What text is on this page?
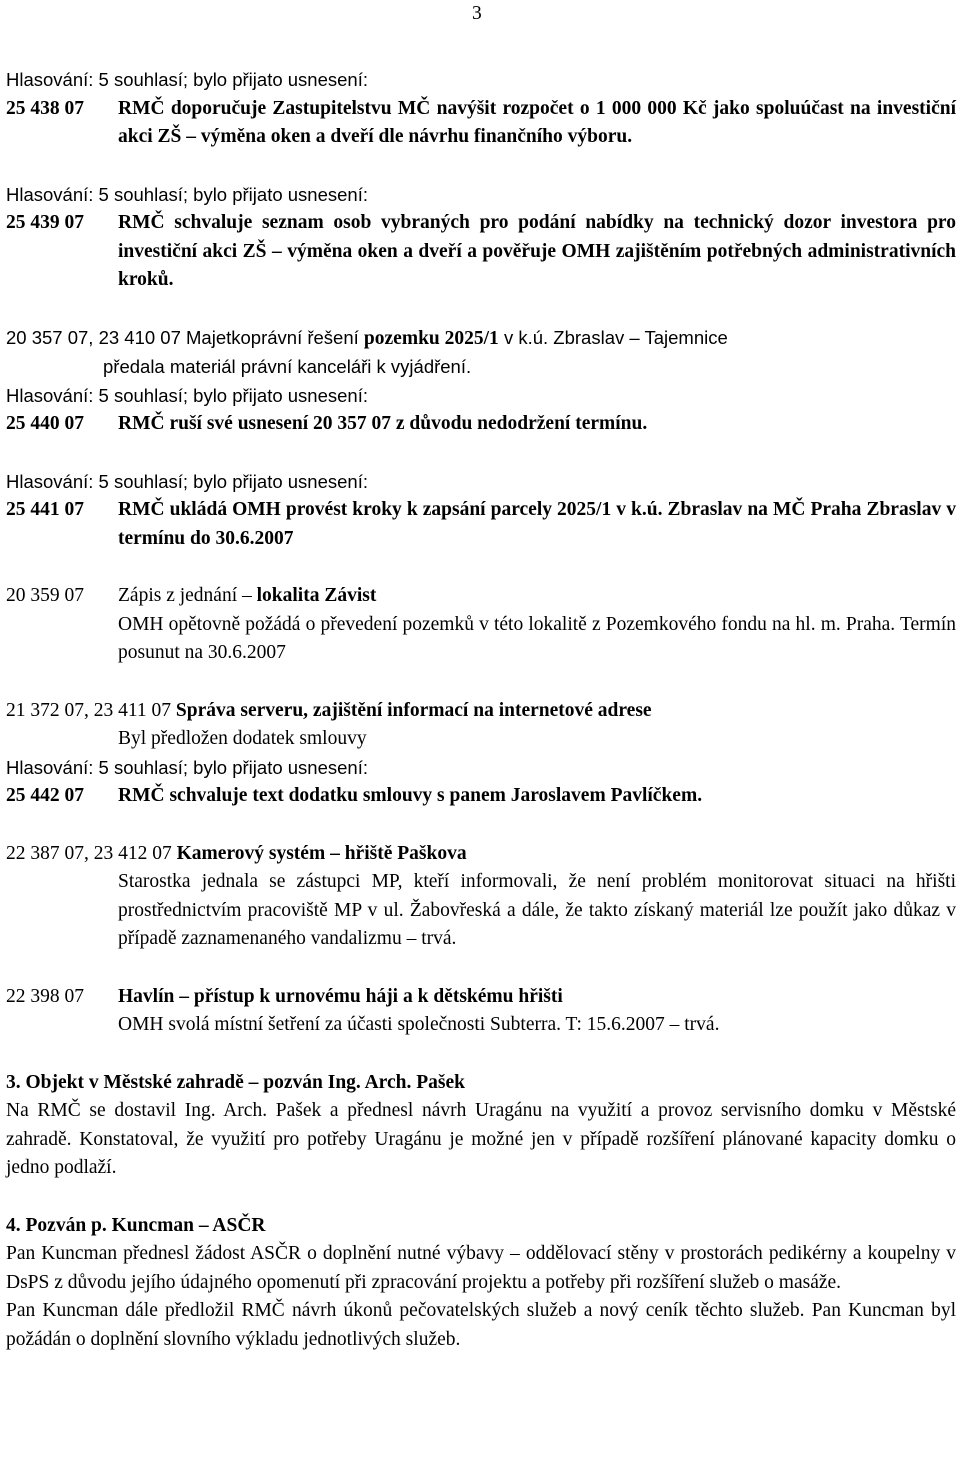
3

Hlasování: 5 souhlasí; bylo přijato usnesení:

25 438 07	RMČ doporučuje Zastupitelstvu MČ navýšit rozpočet o 1 000 000 Kč jako spoluúčast na investiční akci ZŠ – výměna oken a dveří dle návrhu finančního výboru.

Hlasování: 5 souhlasí; bylo přijato usnesení:

25 439 07	RMČ schvaluje seznam osob vybraných pro podání nabídky na technický dozor investora pro investiční akci ZŠ – výměna oken a dveří a pověřuje OMH zajištěním potřebných administrativních kroků.

20 357 07, 23 410 07 Majetkoprávní řešení pozemku 2025/1 v k.ú. Zbraslav – Tajemnice

předala materiál právní kanceláři k vyjádření.

Hlasování: 5 souhlasí; bylo přijato usnesení:

25 440 07	RMČ ruší své usnesení 20 357 07 z důvodu nedodržení termínu.

Hlasování: 5 souhlasí; bylo přijato usnesení:

25 441 07	RMČ ukládá OMH provést kroky k zapsání parcely 2025/1 v k.ú. Zbraslav na MČ Praha Zbraslav v termínu do 30.6.2007
20 359 07	Zápis z jednání – lokalita Závist

OMH opětovně požádá o převedení pozemků v této lokalitě z Pozemkového fondu na hl. m. Praha. Termín posunut na 30.6.2007

21 372 07, 23 411 07 Správa serveru, zajištění informací na internetové adrese

Byl předložen dodatek smlouvy

Hlasování: 5 souhlasí; bylo přijato usnesení:

25 442 07	RMČ schvaluje text dodatku smlouvy s panem Jaroslavem Pavlíčkem.

22 387 07, 23 412 07 Kamerový systém – hřiště Paškova

Starostka jednala se zástupci MP, kteří informovali, že není problém monitorovat situaci na hřišti prostřednictvím pracoviště MP v ul. Žabovřeská a dále, že takto získaný materiál lze použít jako důkaz v případě zaznamenaného vandalizmu – trvá.

22 398 07	Havlín – přístup k urnovému háji a k dětskému hřišti

OMH svolá místní šetření za účasti společnosti Subterra. T: 15.6.2007 – trvá.

3. Objekt v Městské zahradě – pozván Ing. Arch. Pašek

Na RMČ se dostavil Ing. Arch. Pašek a přednesl návrh Uragánu na využití a provoz servisního domku v Městské zahradě. Konstatoval, že využití pro potřeby Uragánu je možné jen v případě rozšíření plánované kapacity domku o jedno podlaží.

4. Pozván p. Kuncman – ASČR

Pan Kuncman přednesl žádost ASČR o doplnění nutné výbavy – oddělovací stěny v prostorách pedikérny a koupelny v DsPS z důvodu jejího údajného opomenutí při zpracování projektu a potřeby při rozšíření služeb o masáže.

Pan Kuncman dále předložil RMČ návrh úkonů pečovatelských služeb a nový ceník těchto služeb. Pan Kuncman byl požádán o doplnění slovního výkladu jednotlivých služeb.
